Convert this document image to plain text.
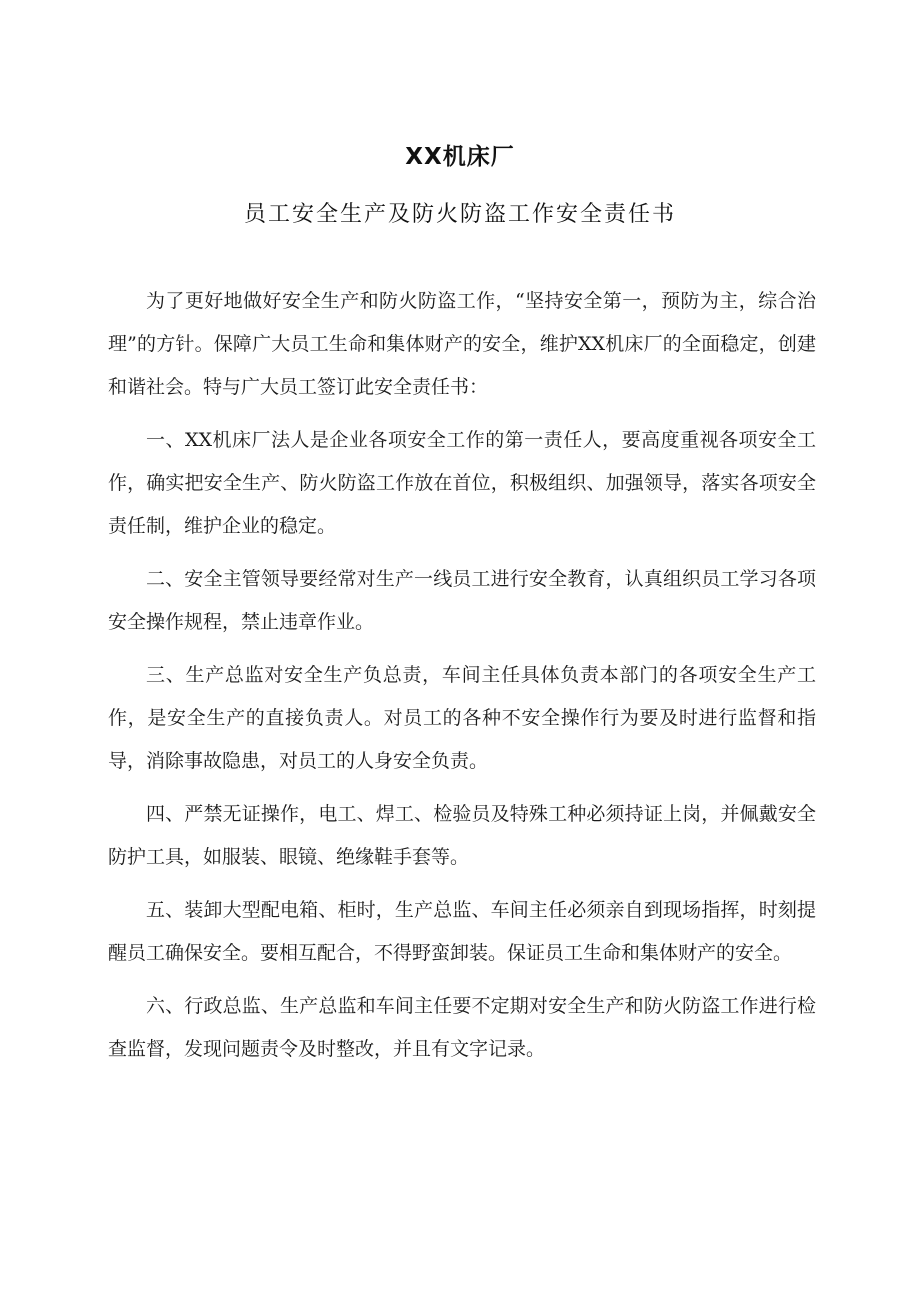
XX机床厂
员工安全生产及防火防盗工作安全责任书

为了更好地做好安全生产和防火防盗工作，“坚持安全第一，预防为主，综合治理”的方针。保障广大员工生命和集体财产的安全，维护XX机床厂的全面稳定，创建和谐社会。特与广大员工签订此安全责任书：

一、XX机床厂法人是企业各项安全工作的第一责任人，要高度重视各项安全工作，确实把安全生产、防火防盗工作放在首位，积极组织、加强领导，落实各项安全责任制，维护企业的稳定。

二、安全主管领导要经常对生产一线员工进行安全教育，认真组织员工学习各项安全操作规程，禁止违章作业。

三、生产总监对安全生产负总责，车间主任具体负责本部门的各项安全生产工作，是安全生产的直接负责人。对员工的各种不安全操作行为要及时进行监督和指导，消除事故隐患，对员工的人身安全负责。

四、严禁无证操作，电工、焊工、检验员及特殊工种必须持证上岗，并佩戴安全防护工具，如服装、眼镜、绝缘鞋手套等。

五、装卸大型配电箱、柜时，生产总监、车间主任必须亲自到现场指挥，时刻提醒员工确保安全。要相互配合，不得野蛮卸装。保证员工生命和集体财产的安全。

六、行政总监、生产总监和车间主任要不定期对安全生产和防火防盗工作进行检查监督，发现问题责令及时整改，并且有文字记录。
